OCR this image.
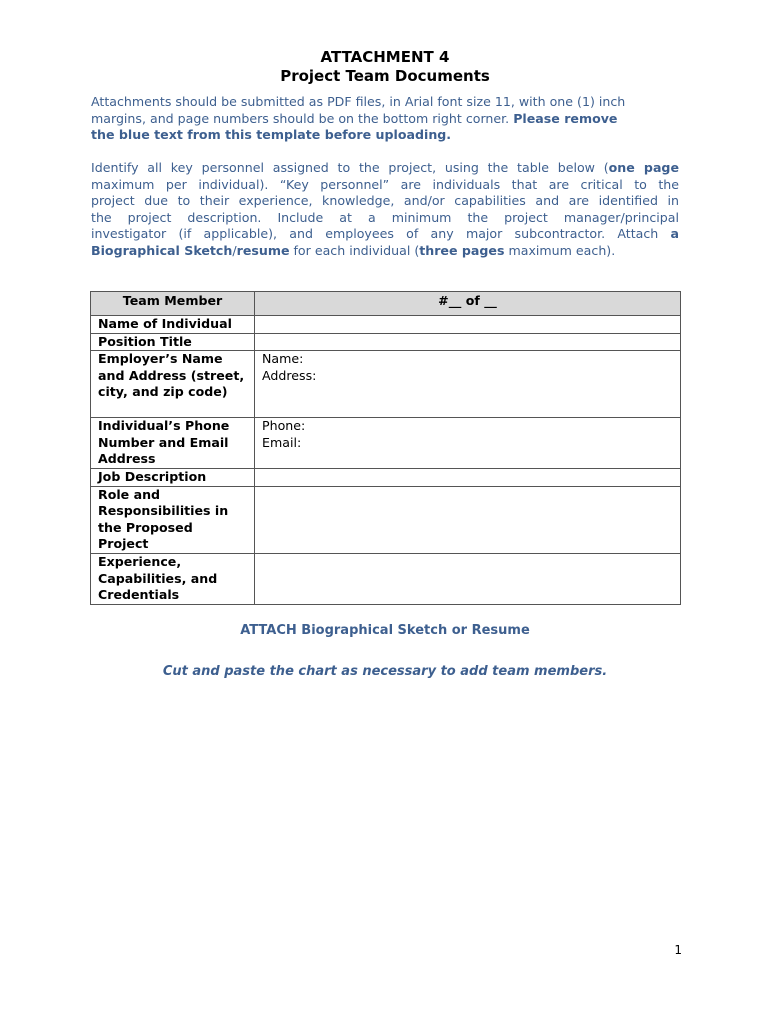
ATTACHMENT 4
Project Team Documents
Attachments should be submitted as PDF files, in Arial font size 11, with one (1) inch
margins, and page numbers should be on the bottom right corner. Please remove
the blue text from this template before uploading.
Identify all key personnel assigned to the project, using the table below (one page
maximum per individual). “Key personnel” are individuals that are critical to the
project due to their experience, knowledge, and/or capabilities and are identified in
the project description. Include at a minimum the project manager/principal
investigator (if applicable), and employees of any major subcontractor. Attach a
Biographical Sketch/resume for each individual (three pages maximum each).
Team Member	#__ of __
Name of Individual	
Position Title	
Employer’s Name and Address (street, city, and zip code)	Name:
Address:

Individual’s Phone Number and Email Address	Phone:
Email:

Job Description	
Role and Responsibilities in the Proposed Project	
Experience, Capabilities, and Credentials	
ATTACH Biographical Sketch or Resume
Cut and paste the chart as necessary to add team members.
1
